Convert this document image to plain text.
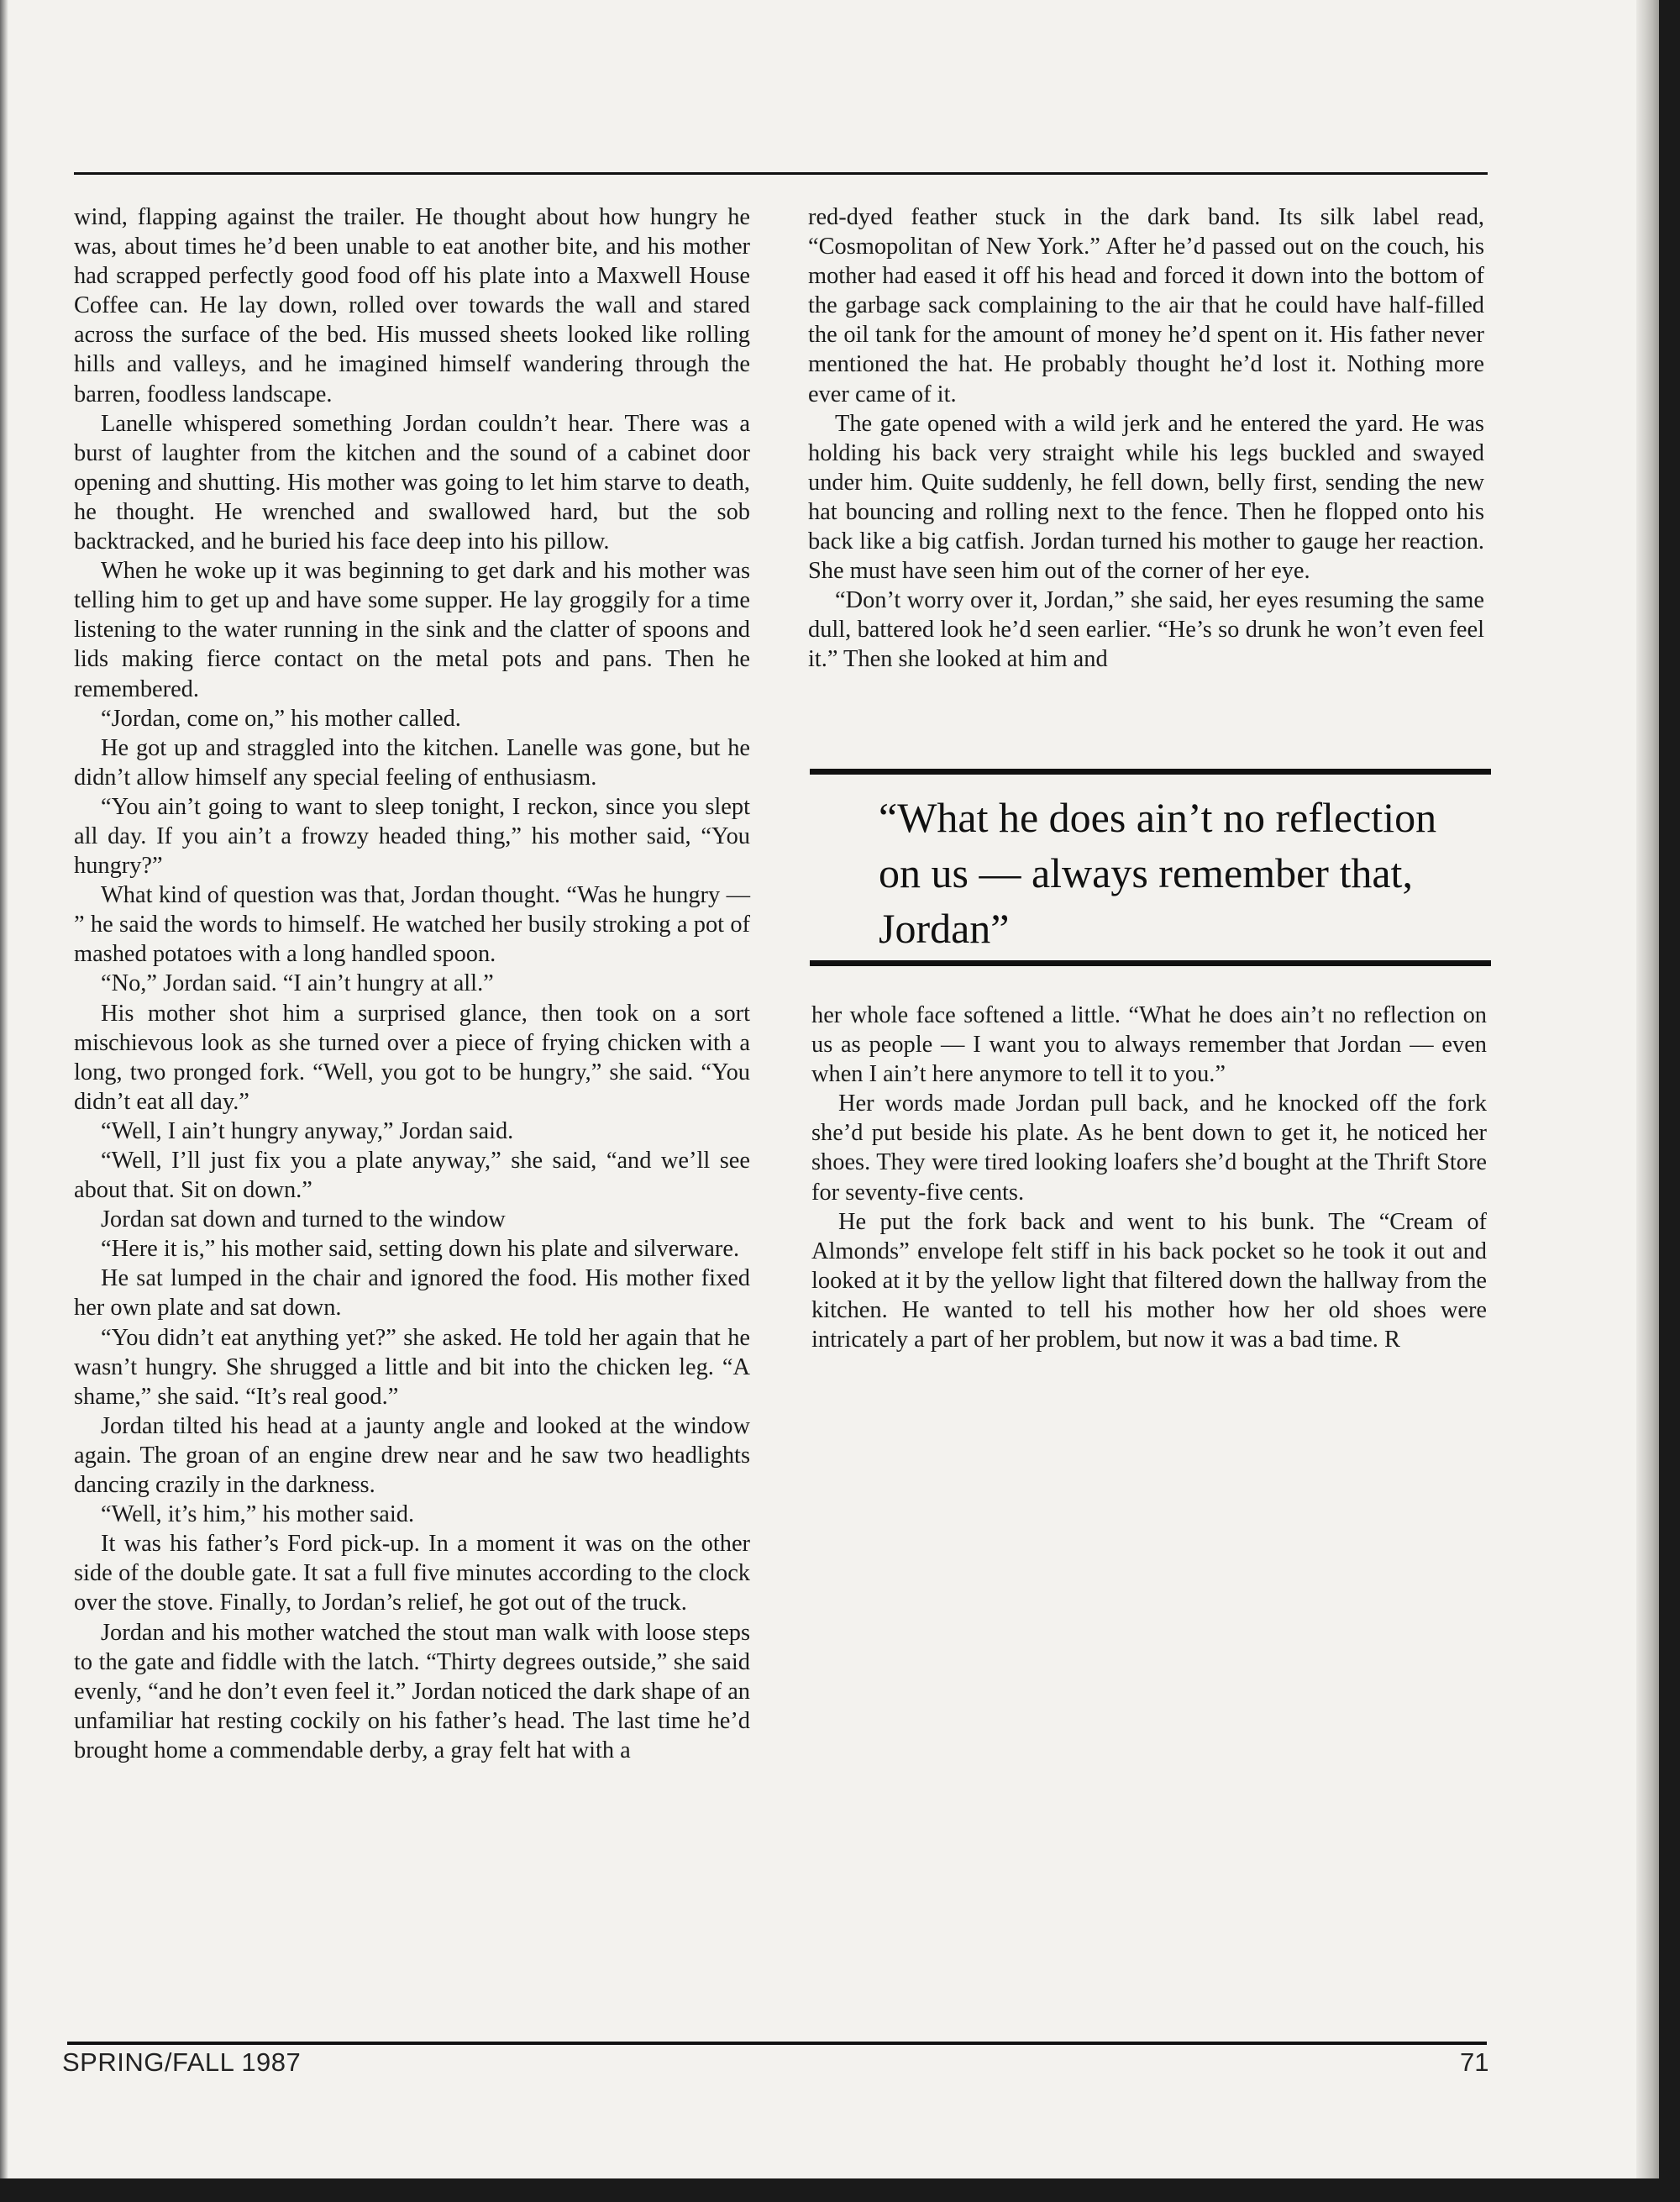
wind, flapping against the trailer. He thought about how hungry he was, about times he’d been unable to eat another bite, and his mother had scrapped perfectly good food off his plate into a Maxwell House Coffee can. He lay down, rolled over towards the wall and stared across the surface of the bed. His mussed sheets looked like rolling hills and valleys, and he imagined himself wandering through the barren, foodless landscape.

Lanelle whispered something Jordan couldn’t hear. There was a burst of laughter from the kitchen and the sound of a cabinet door opening and shutting. His mother was going to let him starve to death, he thought. He wrenched and swallowed hard, but the sob backtracked, and he buried his face deep into his pillow.

When he woke up it was beginning to get dark and his mother was telling him to get up and have some supper. He lay groggily for a time listening to the water running in the sink and the clatter of spoons and lids making fierce contact on the metal pots and pans. Then he remembered.

“Jordan, come on,” his mother called.

He got up and straggled into the kitchen. Lanelle was gone, but he didn’t allow himself any special feeling of enthusiasm.

“You ain’t going to want to sleep tonight, I reckon, since you slept all day. If you ain’t a frowzy headed thing,” his mother said, “You hungry?”

What kind of question was that, Jordan thought. “Was he hungry — ” he said the words to himself. He watched her busily stroking a pot of mashed potatoes with a long handled spoon.

“No,” Jordan said. “I ain’t hungry at all.”

His mother shot him a surprised glance, then took on a sort mischievous look as she turned over a piece of frying chicken with a long, two pronged fork. “Well, you got to be hungry,” she said. “You didn’t eat all day.”

“Well, I ain’t hungry anyway,” Jordan said.

“Well, I’ll just fix you a plate anyway,” she said, “and we’ll see about that. Sit on down.”

Jordan sat down and turned to the window

“Here it is,” his mother said, setting down his plate and silverware.

He sat lumped in the chair and ignored the food. His mother fixed her own plate and sat down.

“You didn’t eat anything yet?” she asked. He told her again that he wasn’t hungry. She shrugged a little and bit into the chicken leg. “A shame,” she said. “It’s real good.”

Jordan tilted his head at a jaunty angle and looked at the window again. The groan of an engine drew near and he saw two headlights dancing crazily in the darkness.

“Well, it’s him,” his mother said.

It was his father’s Ford pick-up. In a moment it was on the other side of the double gate. It sat a full five minutes according to the clock over the stove. Finally, to Jordan’s relief, he got out of the truck.

Jordan and his mother watched the stout man walk with loose steps to the gate and fiddle with the latch. “Thirty degrees outside,” she said evenly, “and he don’t even feel it.” Jordan noticed the dark shape of an unfamiliar hat resting cockily on his father’s head. The last time he’d brought home a commendable derby, a gray felt hat with a

red-dyed feather stuck in the dark band. Its silk label read, “Cosmopolitan of New York.” After he’d passed out on the couch, his mother had eased it off his head and forced it down into the bottom of the garbage sack complaining to the air that he could have half-filled the oil tank for the amount of money he’d spent on it. His father never mentioned the hat. He probably thought he’d lost it. Nothing more ever came of it.

The gate opened with a wild jerk and he entered the yard. He was holding his back very straight while his legs buckled and swayed under him. Quite suddenly, he fell down, belly first, sending the new hat bouncing and rolling next to the fence. Then he flopped onto his back like a big catfish. Jordan turned his mother to gauge her reaction. She must have seen him out of the corner of her eye.

“Don’t worry over it, Jordan,” she said, her eyes resuming the same dull, battered look he’d seen earlier. “He’s so drunk he won’t even feel it.” Then she looked at him and

“What he does ain’t no reflection on us — always remember that, Jordan”

her whole face softened a little. “What he does ain’t no reflection on us as people — I want you to always remember that Jordan — even when I ain’t here anymore to tell it to you.”

Her words made Jordan pull back, and he knocked off the fork she’d put beside his plate. As he bent down to get it, he noticed her shoes. They were tired looking loafers she’d bought at the Thrift Store for seventy-five cents.

He put the fork back and went to his bunk. The “Cream of Almonds” envelope felt stiff in his back pocket so he took it out and looked at it by the yellow light that filtered down the hallway from the kitchen. He wanted to tell his mother how her old shoes were intricately a part of her problem, but now it was a bad time. R

SPRING/FALL 1987	71
